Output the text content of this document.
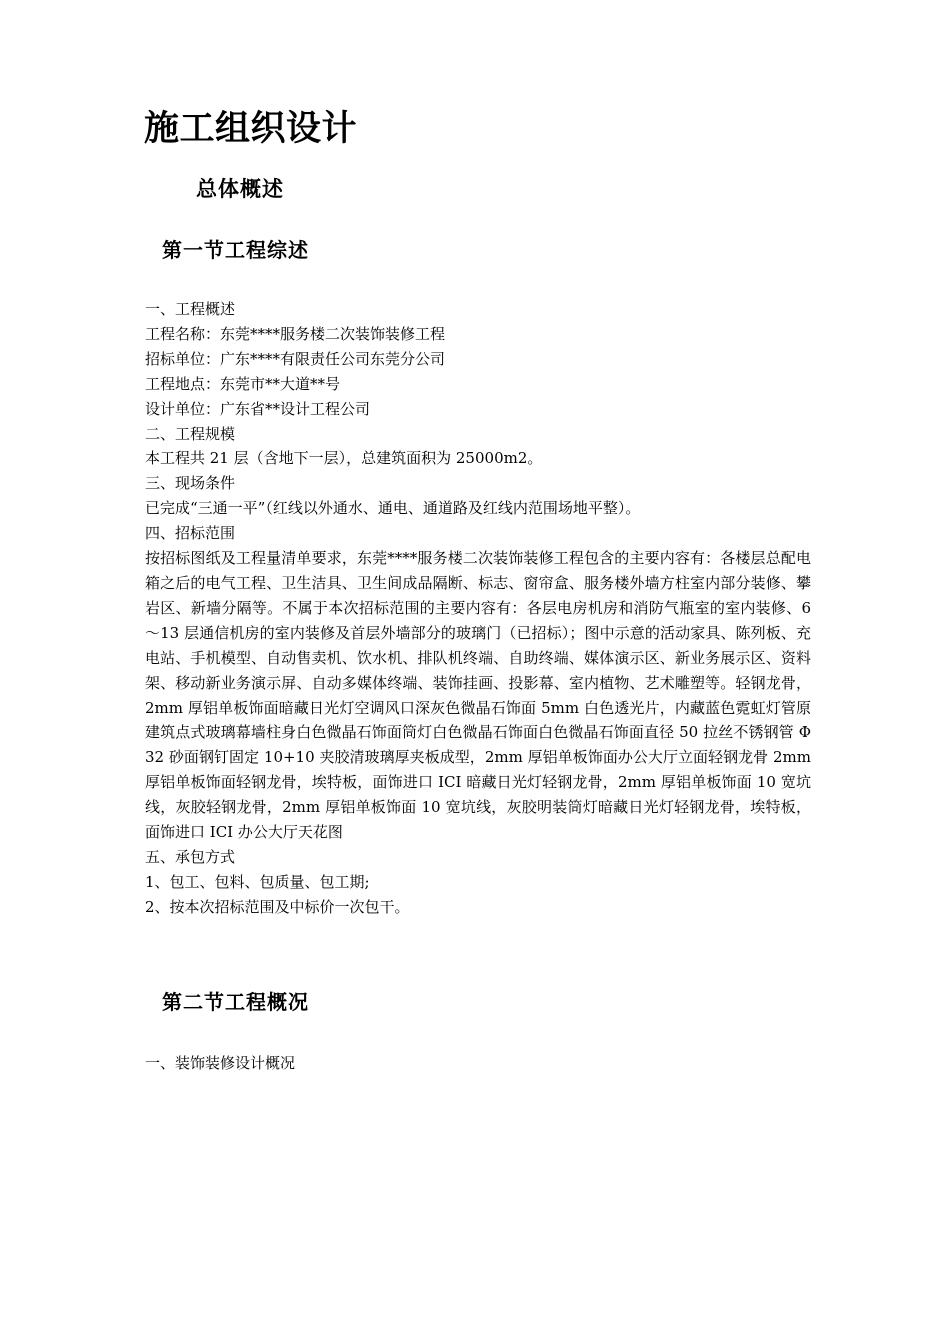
施工组织设计
总体概述
第一节工程综述
一、工程概述
工程名称：东莞****服务楼二次装饰装修工程
招标单位：广东****有限责任公司东莞分公司
工程地点：东莞市**大道**号
设计单位：广东省**设计工程公司
二、工程规模
本工程共 21 层（含地下一层），总建筑面积为 25000m2。
三、现场条件
已完成“三通一平”（红线以外通水、通电、通道路及红线内范围场地平整）。
四、招标范围
按招标图纸及工程量清单要求，东莞****服务楼二次装饰装修工程包含的主要内容有：各楼层总配电箱之后的电气工程、卫生洁具、卫生间成品隔断、标志、窗帘盒、服务楼外墙方柱室内部分装修、攀岩区、新墙分隔等。不属于本次招标范围的主要内容有：各层电房机房和消防气瓶室的室内装修、6～13 层通信机房的室内装修及首层外墙部分的玻璃门（已招标）；图中示意的活动家具、陈列板、充电站、手机模型、自动售卖机、饮水机、排队机终端、自助终端、媒体演示区、新业务展示区、资料架、移动新业务演示屏、自动多媒体终端、装饰挂画、投影幕、室内植物、艺术雕塑等。轻钢龙骨，2mm 厚铝单板饰面暗藏日光灯空调风口深灰色微晶石饰面 5mm 白色透光片，内藏蓝色霓虹灯管原建筑点式玻璃幕墙柱身白色微晶石饰面筒灯白色微晶石饰面白色微晶石饰面直径 50 拉丝不锈钢管 Φ32 砂面钢钉固定 10+10 夹胶清玻璃厚夹板成型，2mm 厚铝单板饰面办公大厅立面轻钢龙骨 2mm 厚铝单板饰面轻钢龙骨，埃特板，面饰进口 ICI 暗藏日光灯轻钢龙骨，2mm 厚铝单板饰面 10 宽坑线，灰胶轻钢龙骨，2mm 厚铝单板饰面 10 宽坑线，灰胶明装筒灯暗藏日光灯轻钢龙骨，埃特板，面饰进口 ICI 办公大厅天花图
五、承包方式
1、包工、包料、包质量、包工期;
2、按本次招标范围及中标价一次包干。
第二节工程概况
一、装饰装修设计概况
